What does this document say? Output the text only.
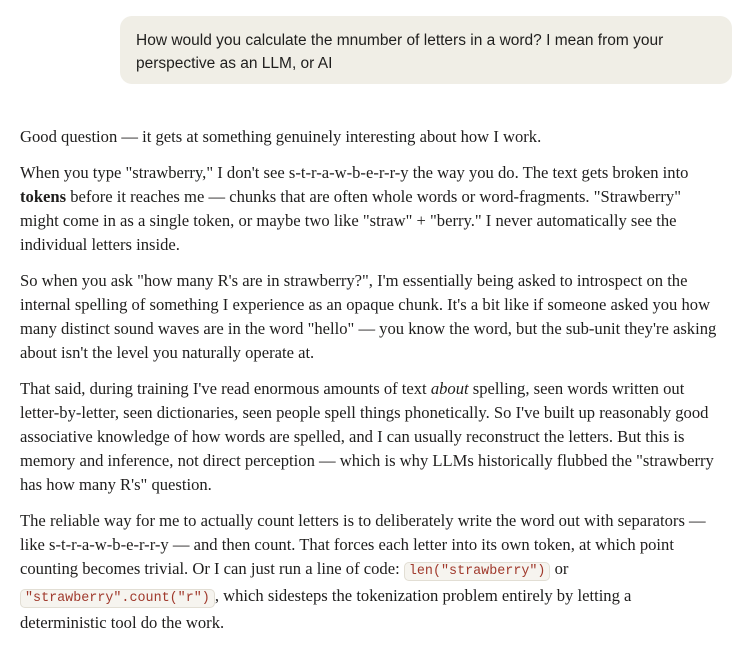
How would you calculate the mnumber of letters in a word? I mean from your
perspective as an LLM, or AI

Good question — it gets at something genuinely interesting about how I work.

When you type "strawberry," I don't see s-t-r-a-w-b-e-r-r-y the way you do. The text gets broken into tokens before it reaches me — chunks that are often whole words or word-fragments. "Strawberry" might come in as a single token, or maybe two like "straw" + "berry." I never automatically see the individual letters inside.

So when you ask "how many R's are in strawberry?", I'm essentially being asked to introspect on the internal spelling of something I experience as an opaque chunk. It's a bit like if someone asked you how many distinct sound waves are in the word "hello" — you know the word, but the sub-unit they're asking about isn't the level you naturally operate at.

That said, during training I've read enormous amounts of text about spelling, seen words written out letter-by-letter, seen dictionaries, seen people spell things phonetically. So I've built up reasonably good associative knowledge of how words are spelled, and I can usually reconstruct the letters. But this is memory and inference, not direct perception — which is why LLMs historically flubbed the "strawberry has how many R's" question.

The reliable way for me to actually count letters is to deliberately write the word out with separators — like s-t-r-a-w-b-e-r-r-y — and then count. That forces each letter into its own token, at which point counting becomes trivial. Or I can just run a line of code: len("strawberry") or "strawberry".count("r") , which sidesteps the tokenization problem entirely by letting a deterministic tool do the work.
